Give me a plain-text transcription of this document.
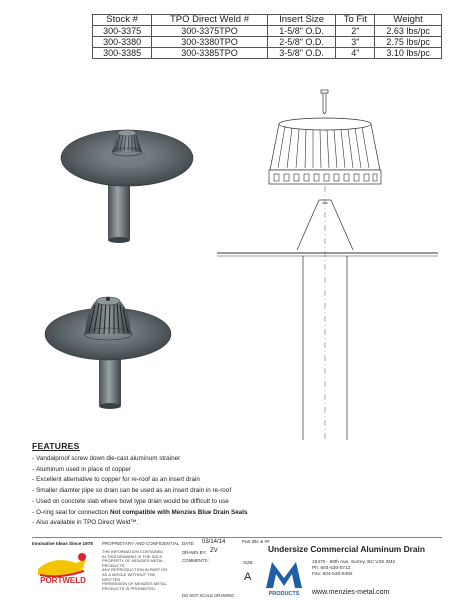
Stock #	TPO Direct Weld #	Insert Size	To Fit	Weight
300-3375	300-3375TPO	1-5/8" O.D.	2"	2.63 lbs/pc
300-3380	300-3380TPO	2-5/8" O.D.	3"	2.75 lbs/pc
300-3385	300-3385TPO	3-5/8" O.D.	4"	3.10 lbs/pc
FEATURES
- Vandalproof screw down die-cast aluminum strainer
- Aluminum used in place of copper
- Excellent alternative to copper for re-roof as an insert drain
- Smaller diamter pipe so drain can be used as an insert drain in re-roof
- Used on concrete slab where bowl type drain would be difficult to use
- O-ring seal for connection Not compatible with Menzies Blue Drain Seals
- Also available in TPO Direct Weld™.
Innovative Ideas Since 1978
PORTWELD
PROPRIETARY AND CONFIDENTIAL
THE INFORMATION CONTAINED
IN THIS DRAWING IS THE SOLE
PROPERTY OF MENZIES METAL
PRODUCTS.
ANY REPRODUCTION IN PART OR
AS A WHOLE WITHOUT THE WRITTEN
PERMISSION OF MENZIES METAL
PRODUCTS IS PROHIBITED.
DATE: 03/14/14
DRAWN BY: ZV
COMMENTS:
DO NOT SCALE DRAWING
Part title & ##
Undersize Commercial Aluminum Drain
SIZE
A
PRODUCTS
19370 - 60th Ave, Surrey, BC V3S 3M2
Ph: 604-530-0712
Fax: 604-530-8482
www.menzies-metal.com
